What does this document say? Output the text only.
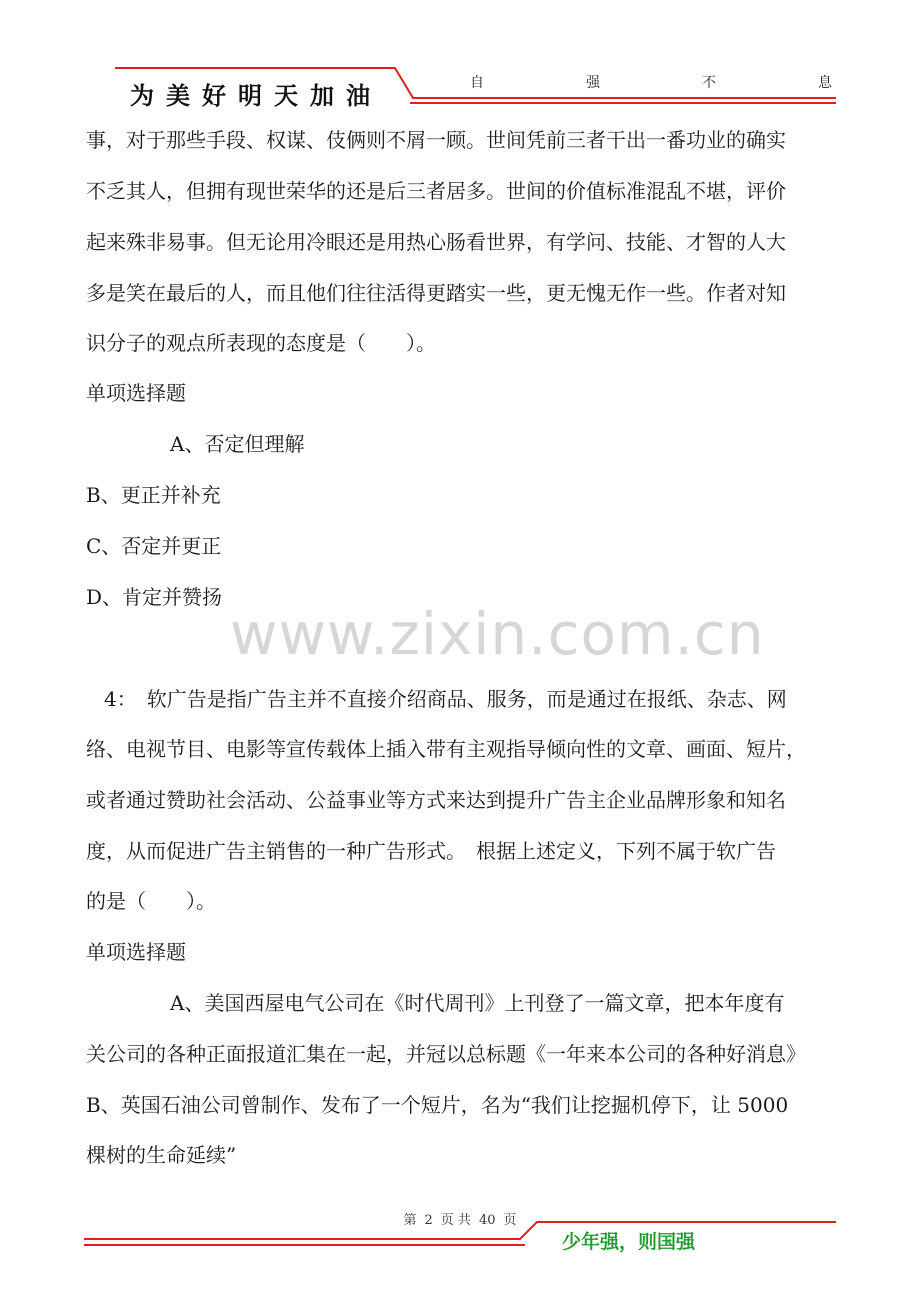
为美好明天加油	自	强	不	息
事，对于那些手段、权谋、伎俩则不屑一顾。世间凭前三者干出一番功业的确实
不乏其人，但拥有现世荣华的还是后三者居多。世间的价值标准混乱不堪，评价
起来殊非易事。但无论用冷眼还是用热心肠看世界，有学问、技能、才智的人大
多是笑在最后的人，而且他们往往活得更踏实一些，更无愧无作一些。作者对知
识分子的观点所表现的态度是（　　）。
单项选择题
A、否定但理解
B、更正并补充
C、否定并更正
D、肯定并赞扬
www.zixin.com.cn
4：　软广告是指广告主并不直接介绍商品、服务，而是通过在报纸、杂志、网
络、电视节目、电影等宣传载体上插入带有主观指导倾向性的文章、画面、短片，
或者通过赞助社会活动、公益事业等方式来达到提升广告主企业品牌形象和知名
度，从而促进广告主销售的一种广告形式。　根据上述定义，下列不属于软广告
的是（　　）。
单项选择题
A、美国西屋电气公司在《时代周刊》上刊登了一篇文章，把本年度有
关公司的各种正面报道汇集在一起，并冠以总标题《一年来本公司的各种好消息》
B、英国石油公司曾制作、发布了一个短片，名为“我们让挖掘机停下，让 5000
棵树的生命延续”
第 2 页 共 40 页
少年强，则国强
